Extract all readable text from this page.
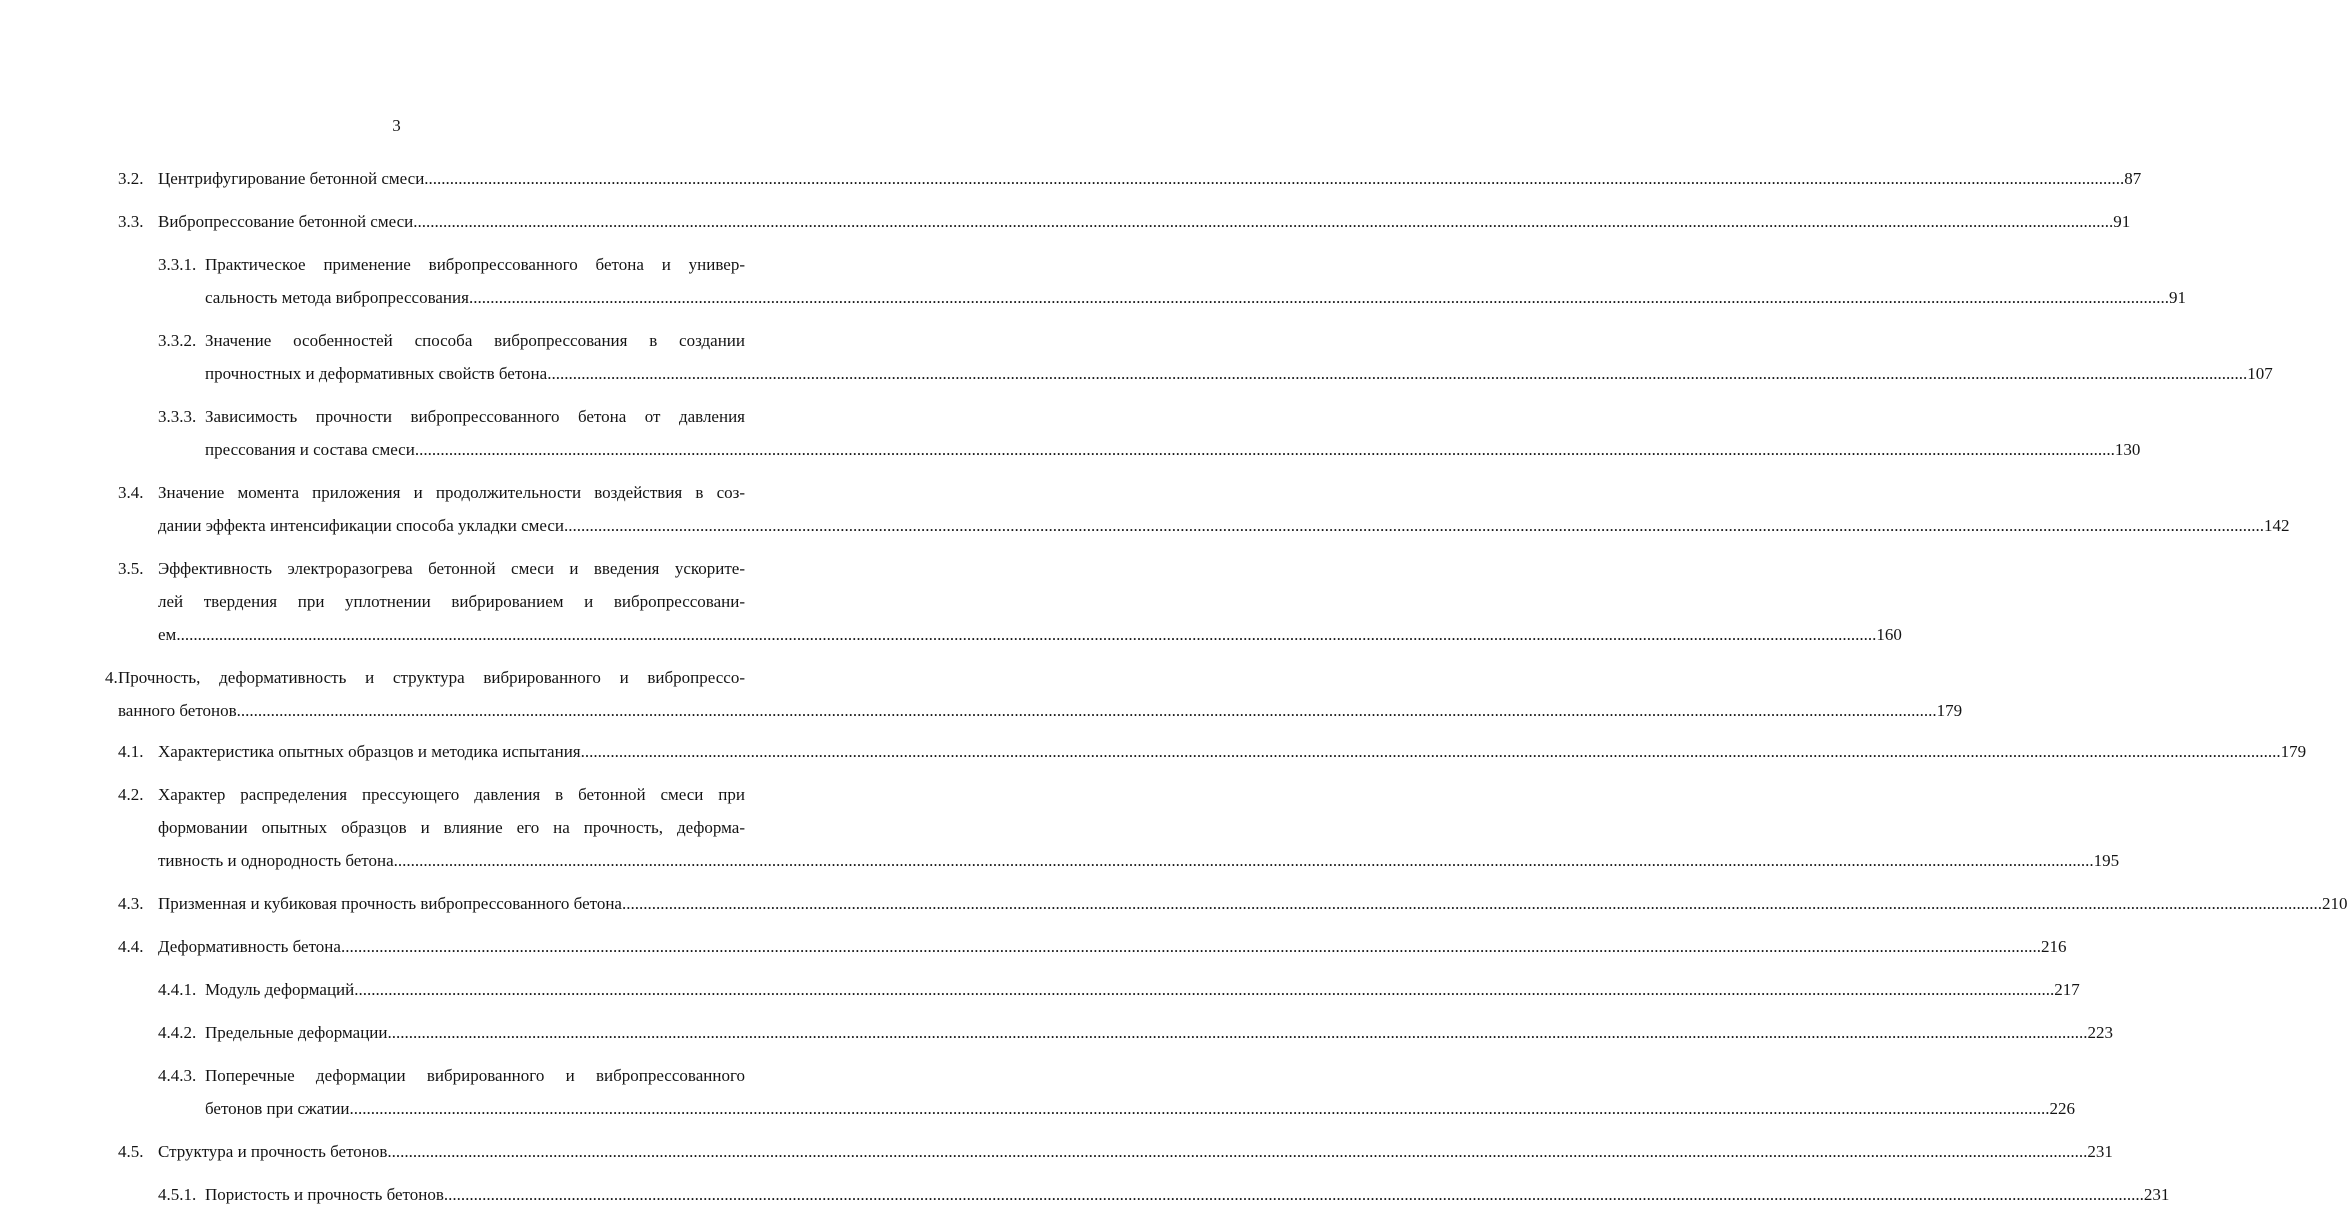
3
3.2. Центрифугирование бетонной смеси ................................................................................................................................................................................................................................................................................................................................................................................................................ 87
3.3. Вибропрессование бетонной смеси ................................................................................................................................................................................................................................................................................................................................................................................................................ 91
3.3.1. Практическое применение вибропрессованного бетона и универ-
сальность метода вибропрессования ................................................................................................................................................................................................................................................................................................................................................................................................................ 91
3.3.2. Значение особенностей способа вибропрессования в создании
прочностных и деформативных свойств бетона ................................................................................................................................................................................................................................................................................................................................................................................................................ 107
3.3.3. Зависимость прочности вибропрессованного бетона от давления
прессования и состава смеси ................................................................................................................................................................................................................................................................................................................................................................................................................ 130
3.4. Значение момента приложения и продолжительности воздействия в соз-
дании эффекта интенсификации способа укладки смеси ................................................................................................................................................................................................................................................................................................................................................................................................................ 142
3.5. Эффективность электроразогрева бетонной смеси и введения ускорите-
лей твердения при уплотнении вибрированием и вибропрессовани-
ем ................................................................................................................................................................................................................................................................................................................................................................................................................ 160
4. Прочность, деформативность и структура вибрированного и вибропрессо-
ванного бетонов ................................................................................................................................................................................................................................................................................................................................................................................................................ 179
4.1. Характеристика опытных образцов и методика испытания ................................................................................................................................................................................................................................................................................................................................................................................................................ 179
4.2. Характер распределения прессующего давления в бетонной смеси при
формовании опытных образцов и влияние его на прочность, деформа-
тивность и однородность бетона ................................................................................................................................................................................................................................................................................................................................................................................................................ 195
4.3. Призменная и кубиковая прочность вибропрессованного бетона ................................................................................................................................................................................................................................................................................................................................................................................................................ 210
4.4. Деформативность бетона ................................................................................................................................................................................................................................................................................................................................................................................................................ 216
4.4.1. Модуль деформаций ................................................................................................................................................................................................................................................................................................................................................................................................................ 217
4.4.2. Предельные деформации ................................................................................................................................................................................................................................................................................................................................................................................................................ 223
4.4.3. Поперечные деформации вибрированного и вибропрессованного
бетонов при сжатии ................................................................................................................................................................................................................................................................................................................................................................................................................ 226
4.5. Структура и прочность бетонов ................................................................................................................................................................................................................................................................................................................................................................................................................ 231
4.5.1. Пористость и прочность бетонов ................................................................................................................................................................................................................................................................................................................................................................................................................ 231
